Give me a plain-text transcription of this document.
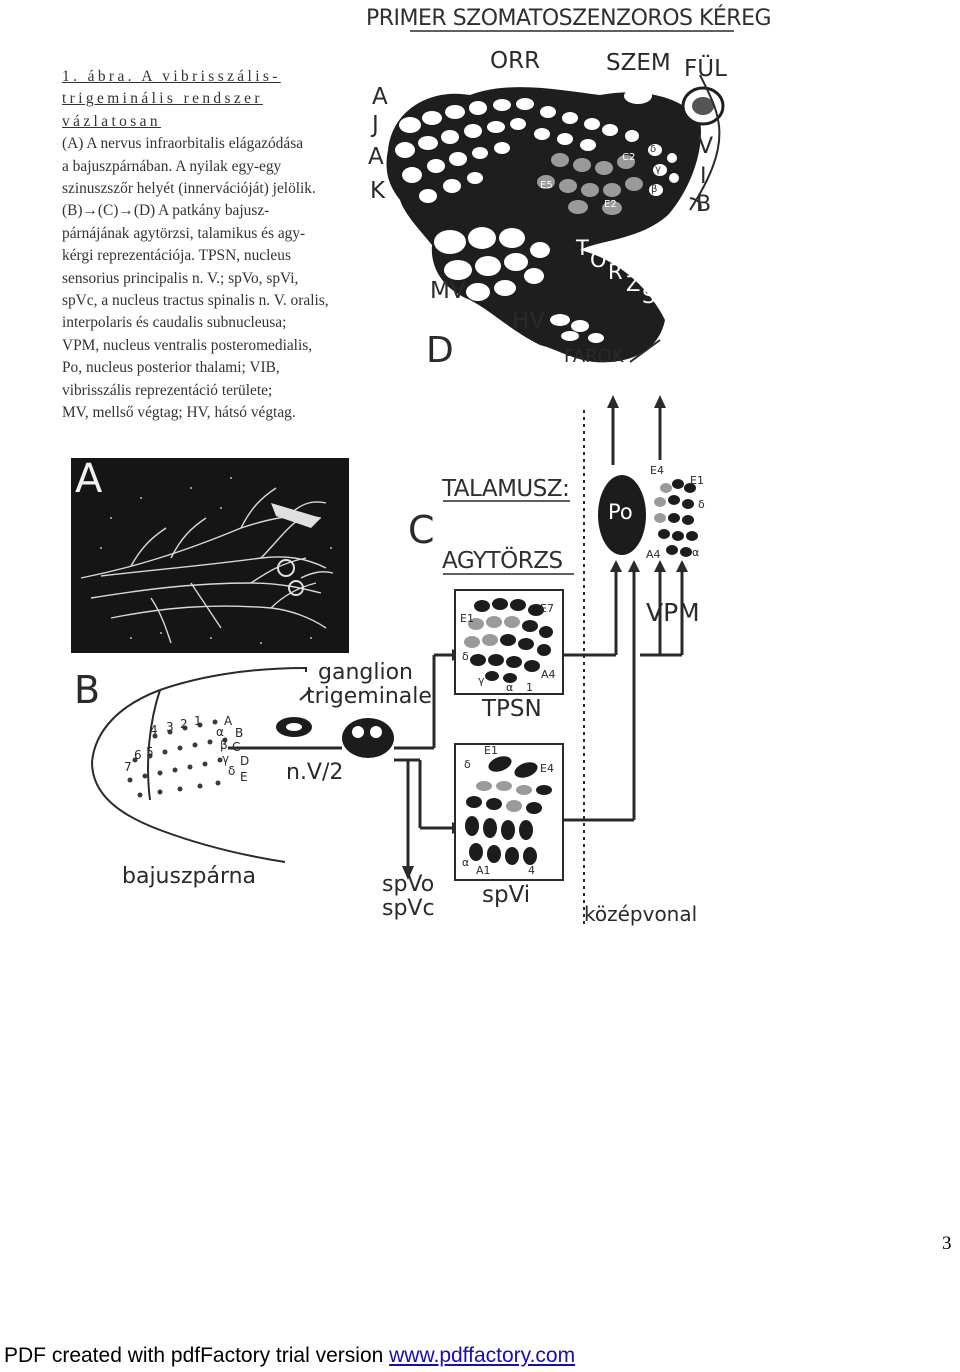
1. ábra. A vibrisszális-trigeminális rendszer vázlatosan

(A) A nervus infraorbitalis elágazódása

a bajuszpárnában. A nyilak egy-egy

szinuszszőr helyét (innervációját) jelölik.

(B)→(C)→(D) A patkány bajusz-

párnájának agytörzsi, talamikus és agy-

kérgi reprezentációja. TPSN, nucleus

sensorius principalis n. V.; spVo, spVi,

spVc, a nucleus tractus spinalis n. V. oralis,

interpolaris és caudalis subnucleusa;

VPM, nucleus ventralis posteromedialis,

Po, nucleus posterior thalami; VIB,

vibrisszális reprezentáció területe;

MV, mellső végtag; HV, hátsó végtag.

A
PRIMER SZOMATOSZENZOROS KÉREG
ORR	SZEM FÜL
A
J
A
K
V
I
B
T Ö R Z S
MV
HV
FAROK
D
C2
E2
E5
δ
γ
β
B	ganglion
trigeminale
n.V/2
bajuszpárna
A
B
C
D
E
α
β
γ
δ
4 3 2 1
6 5
7
C
TALAMUSZ:
AGYTÖRZS
Po
VPM
TPSN
spVi
spVo
spVc	középvonal
E4
E1
δ
A4	α
E1
E7
δ
A4
γ
α 1
E1
E4
δ
α
A1	4
3
PDF created with pdfFactory trial version www.pdffactory.com
